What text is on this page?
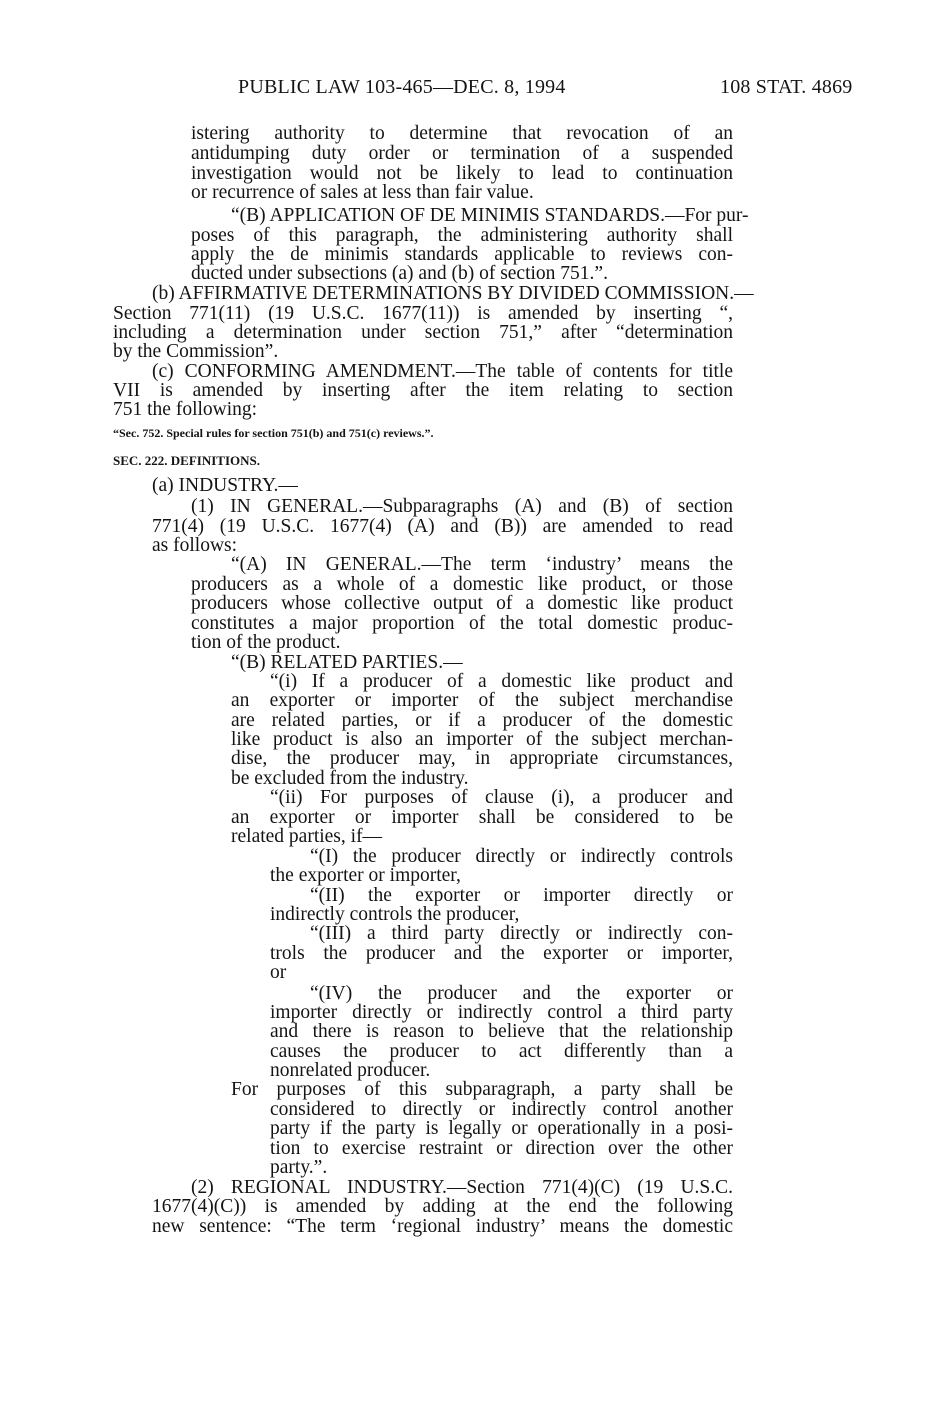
PUBLIC LAW 103-465—DEC. 8, 1994	108 STAT. 4869
istering authority to determine that revocation of an
antidumping duty order or termination of a suspended
investigation would not be likely to lead to continuation
or recurrence of sales at less than fair value.
“(B) APPLICATION OF DE MINIMIS STANDARDS.—For pur-
poses of this paragraph, the administering authority shall
apply the de minimis standards applicable to reviews con-
ducted under subsections (a) and (b) of section 751.”.
(b) AFFIRMATIVE DETERMINATIONS BY DIVIDED COMMISSION.—
Section 771(11) (19 U.S.C. 1677(11)) is amended by inserting “,
including a determination under section 751,” after “determination
by the Commission”.
(c) CONFORMING AMENDMENT.—The table of contents for title
VII is amended by inserting after the item relating to section
751 the following:
“Sec. 752. Special rules for section 751(b) and 751(c) reviews.”.
SEC. 222. DEFINITIONS.
(a) INDUSTRY.—
(1) IN GENERAL.—Subparagraphs (A) and (B) of section
771(4) (19 U.S.C. 1677(4) (A) and (B)) are amended to read
as follows:
“(A) IN GENERAL.—The term ‘industry’ means the
producers as a whole of a domestic like product, or those
producers whose collective output of a domestic like product
constitutes a major proportion of the total domestic produc-
tion of the product.
“(B) RELATED PARTIES.—
“(i) If a producer of a domestic like product and
an exporter or importer of the subject merchandise
are related parties, or if a producer of the domestic
like product is also an importer of the subject merchan-
dise, the producer may, in appropriate circumstances,
be excluded from the industry.
“(ii) For purposes of clause (i), a producer and
an exporter or importer shall be considered to be
related parties, if—
“(I) the producer directly or indirectly controls
the exporter or importer,
“(II) the exporter or importer directly or
indirectly controls the producer,
“(III) a third party directly or indirectly con-
trols the producer and the exporter or importer,
or
“(IV) the producer and the exporter or
importer directly or indirectly control a third party
and there is reason to believe that the relationship
causes the producer to act differently than a
nonrelated producer.
For purposes of this subparagraph, a party shall be
considered to directly or indirectly control another
party if the party is legally or operationally in a posi-
tion to exercise restraint or direction over the other
party.”.
(2) REGIONAL INDUSTRY.—Section 771(4)(C) (19 U.S.C.
1677(4)(C)) is amended by adding at the end the following
new sentence: “The term ‘regional industry’ means the domestic
